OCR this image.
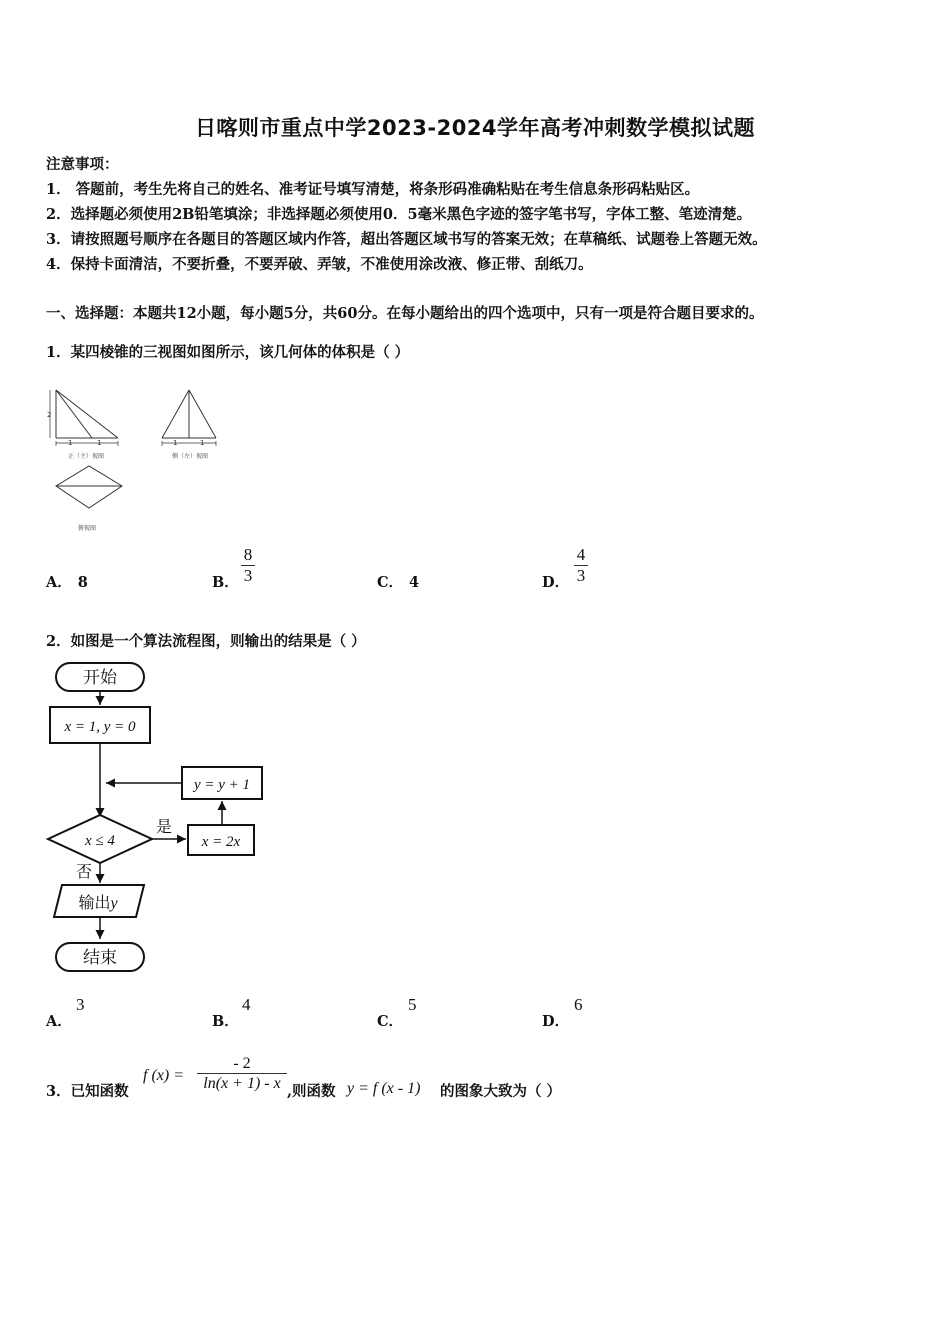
日喀则市重点中学2023-2024学年高考冲刺数学模拟试题
注意事项：
1． 答题前，考生先将自己的姓名、准考证号填写清楚，将条形码准确粘贴在考生信息条形码粘贴区。
2．选择题必须使用2B铅笔填涂；非选择题必须使用0．5毫米黑色字迹的签字笔书写，字体工整、笔迹清楚。
3．请按照题号顺序在各题目的答题区域内作答，超出答题区域书写的答案无效；在草稿纸、试题卷上答题无效。
4．保持卡面清洁，不要折叠，不要弄破、弄皱，不准使用涂改液、修正带、刮纸刀。
一、选择题：本题共12小题，每小题5分，共60分。在每小题给出的四个选项中，只有一项是符合题目要求的。
1．某四棱锥的三视图如图所示，该几何体的体积是（ ）
2
1	1
正（主）视图
1	1
侧（左）视图
俯视图
A． 8	B． $\frac{8}{3}$	C． 4	D． $\frac{4}{3}$
2．如图是一个算法流程图，则输出的结果是（ ）
开始
x = 1, y = 0
y = y + 1
x ≤ 4
是
x = 2x
否
输出y
结束
A．
3
B．
4
C．
5
D．
6
3．已知函数
f $(x) = \frac{- 2}{\ln(x + 1) - x}$ ,则函数 y = f (x - 1) 的图象大致为（ ）
